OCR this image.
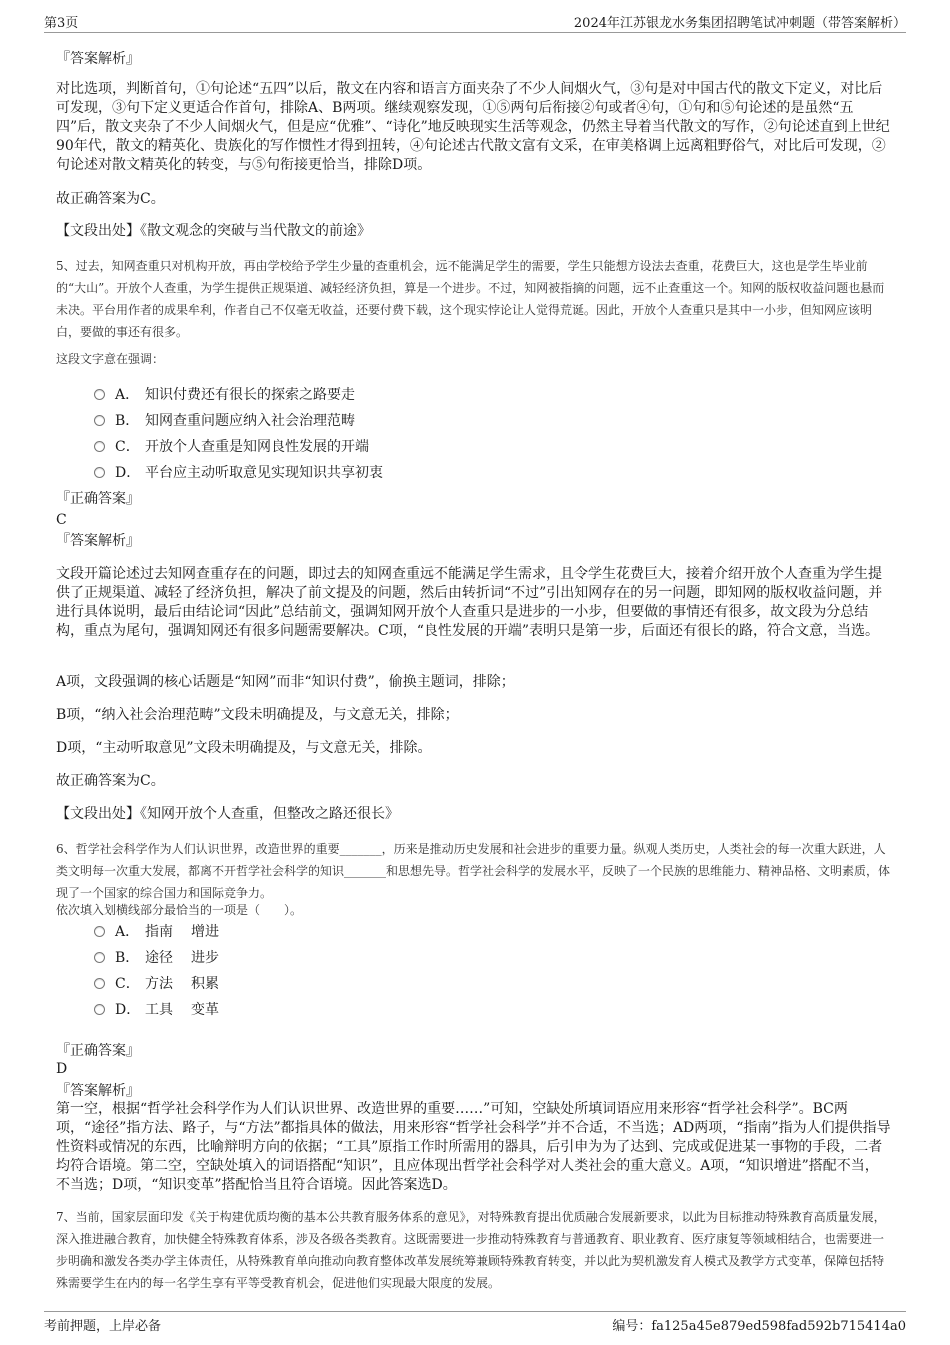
第3页	2024年江苏银龙水务集团招聘笔试冲刺题（带答案解析）
『答案解析』
对比选项，判断首句，①句论述“五四”以后，散文在内容和语言方面夹杂了不少人间烟火气，③句是对中国古代的散文下定义，对比后可发现，③句下定义更适合作首句，排除A、B两项。继续观察发现，①⑤两句后衔接②句或者④句，①句和⑤句论述的是虽然“五四”后，散文夹杂了不少人间烟火气，但是应“优雅”、“诗化”地反映现实生活等观念，仍然主导着当代散文的写作，②句论述直到上世纪90年代，散文的精英化、贵族化的写作惯性才得到扭转，④句论述古代散文富有文采，在审美格调上远离粗野俗气，对比后可发现，②句论述对散文精英化的转变，与⑤句衔接更恰当，排除D项。
故正确答案为C。
【文段出处】《散文观念的突破与当代散文的前途》
5、过去，知网查重只对机构开放，再由学校给予学生少量的查重机会，远不能满足学生的需要，学生只能想方设法去查重，花费巨大，这也是学生毕业前的“大山”。开放个人查重，为学生提供正规渠道、减轻经济负担，算是一个进步。不过，知网被指摘的问题，远不止查重这一个。知网的版权收益问题也悬而未决。平台用作者的成果牟利，作者自己不仅毫无收益，还要付费下载，这个现实悖论让人觉得荒诞。因此，开放个人查重只是其中一小步，但知网应该明白，要做的事还有很多。
这段文字意在强调：
A． 知识付费还有很长的探索之路要走
B． 知网查重问题应纳入社会治理范畴
C． 开放个人查重是知网良性发展的开端
D． 平台应主动听取意见实现知识共享初衷
『正确答案』
C
『答案解析』
文段开篇论述过去知网查重存在的问题，即过去的知网查重远不能满足学生需求，且令学生花费巨大，接着介绍开放个人查重为学生提供了正规渠道、减轻了经济负担，解决了前文提及的问题，然后由转折词“不过”引出知网存在的另一问题，即知网的版权收益问题，并进行具体说明，最后由结论词“因此”总结前文，强调知网开放个人查重只是进步的一小步，但要做的事情还有很多，故文段为分总结构，重点为尾句，强调知网还有很多问题需要解决。C项，“良性发展的开端”表明只是第一步，后面还有很长的路，符合文意，当选。
A项，文段强调的核心话题是“知网”而非“知识付费”，偷换主题词，排除；
B项，“纳入社会治理范畴”文段未明确提及，与文意无关，排除；
D项，“主动听取意见”文段未明确提及，与文意无关，排除。
故正确答案为C。
【文段出处】《知网开放个人查重，但整改之路还很长》
6、哲学社会科学作为人们认识世界，改造世界的重要_______，历来是推动历史发展和社会进步的重要力量。纵观人类历史，人类社会的每一次重大跃进，人类文明每一次重大发展，都离不开哲学社会科学的知识_______和思想先导。哲学社会科学的发展水平，反映了一个民族的思维能力、精神品格、文明素质，体现了一个国家的综合国力和国际竞争力。
依次填入划横线部分最恰当的一项是（　　）。
A． 指南 增进
B． 途径 进步
C． 方法 积累
D． 工具 变革
『正确答案』
D
『答案解析』
第一空，根据“哲学社会科学作为人们认识世界、改造世界的重要……”可知，空缺处所填词语应用来形容“哲学社会科学”。BC两项，“途径”指方法、路子，与“方法”都指具体的做法，用来形容“哲学社会科学”并不合适，不当选；AD两项，“指南”指为人们提供指导性资料或情况的东西，比喻辩明方向的依据；“工具”原指工作时所需用的器具，后引申为为了达到、完成或促进某一事物的手段，二者均符合语境。第二空，空缺处填入的词语搭配“知识”，且应体现出哲学社会科学对人类社会的重大意义。A项，“知识增进”搭配不当，不当选；D项，“知识变革”搭配恰当且符合语境。因此答案选D。
7、当前，国家层面印发《关于构建优质均衡的基本公共教育服务体系的意见》，对特殊教育提出优质融合发展新要求，以此为目标推动特殊教育高质量发展，深入推进融合教育，加快健全特殊教育体系，涉及各级各类教育。这既需要进一步推动特殊教育与普通教育、职业教育、医疗康复等领域相结合，也需要进一步明确和激发各类办学主体责任，从特殊教育单向推动向教育整体改革发展统筹兼顾特殊教育转变，并以此为契机激发育人模式及教学方式变革，保障包括特殊需要学生在内的每一名学生享有平等受教育机会，促进他们实现最大限度的发展。
考前押题，上岸必备	编号：fa125a45e879ed598fad592b715414a0
